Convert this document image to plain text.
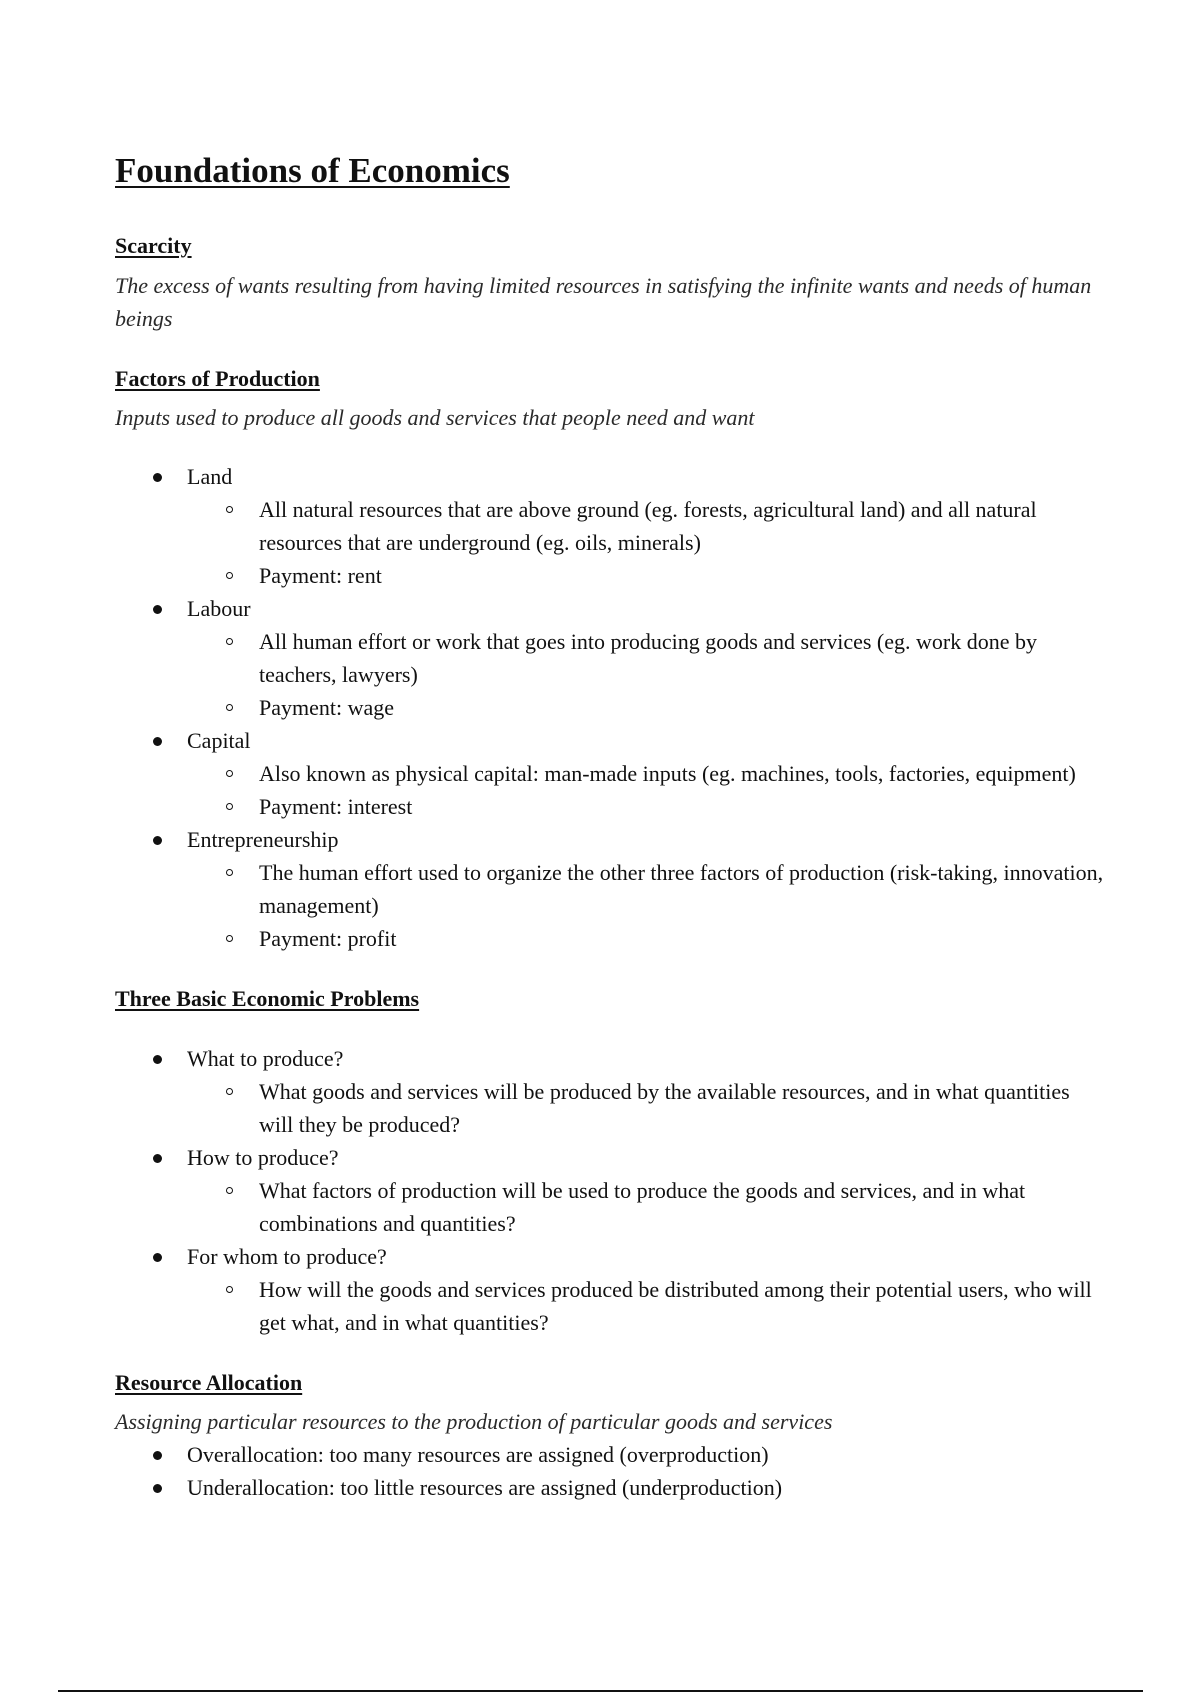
Foundations of Economics
Scarcity

The excess of wants resulting from having limited resources in satisfying the infinite wants and needs of human beings

Factors of Production

Inputs used to produce all goods and services that people need and want

Land
All natural resources that are above ground (eg. forests, agricultural land) and all natural resources that are underground (eg. oils, minerals)
Payment: rent
Labour
All human effort or work that goes into producing goods and services (eg. work done by teachers, lawyers)
Payment: wage
Capital
Also known as physical capital: man-made inputs (eg. machines, tools, factories, equipment)
Payment: interest
Entrepreneurship
The human effort used to organize the other three factors of production (risk-taking, innovation, management)
Payment: profit
Three Basic Economic Problems
What to produce?
What goods and services will be produced by the available resources, and in what quantities will they be produced?
How to produce?
What factors of production will be used to produce the goods and services, and in what combinations and quantities?
For whom to produce?
How will the goods and services produced be distributed among their potential users, who will get what, and in what quantities?
Resource Allocation

Assigning particular resources to the production of particular goods and services

Overallocation: too many resources are assigned (overproduction)
Underallocation: too little resources are assigned (underproduction)
